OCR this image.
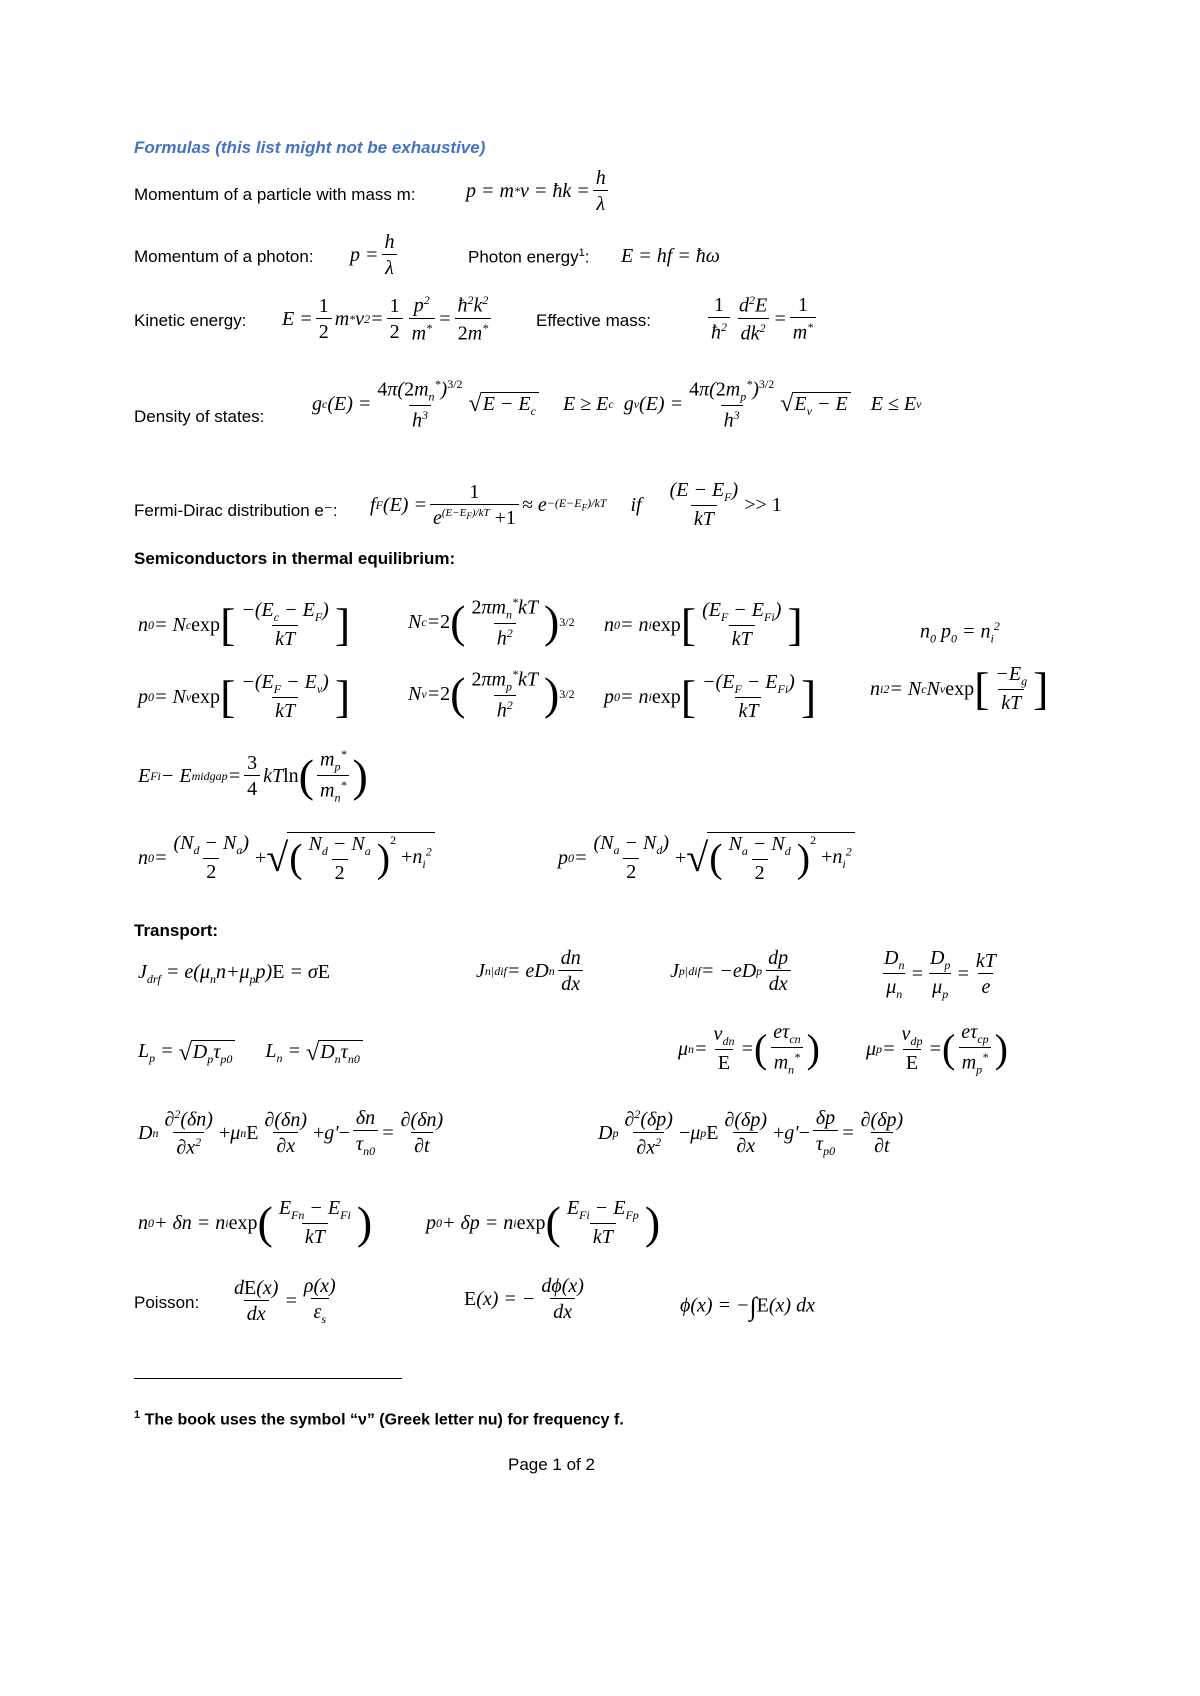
Formulas (this list might not be exhaustive)
Momentum of a particle with mass m:	p = m * v = ħk = $\frac{h}{\lambda}$
Momentum of a photon: $p = \frac{h}{\lambda}$	Photon energy$^1$: E = hf = ħω
Kinetic energy: $E = \frac{1}{2}$ m * v $2 = \frac{1}{2} \frac{p^2}{m^*} = \frac{ħ^2k^2}{2m^*}$	Effective mass:	$\frac{1}{ħ^2} \frac{d^2E}{dk^2} = \frac{1}{m^*}$
Density of states:
g c $(E) = \frac{4\pi(2m_n^*)^{3/2}}{h^3}$ √ $E - E_c$ E ≥ E c g v $(E) = \frac{4\pi(2m_p^*)^{3/2}}{h^3}$ √ $E_v - E$ E ≤ E v
Fermi-Dirac distribution e⁻: f F $(E) = \frac{1}{e^{(E-E_F)/kT} +1} \approx e -(E-E_F)/kT$ if $\frac{(E - E_F)}{kT} >> 1$
Semiconductors in thermal equilibrium:
n 0 = N c exp [ $\frac{-(E_c - E_F)}{kT}$ ]	N c = 2 ( $\frac{2\pi m_n^*kT}{h^2}$ ) 3/2 n 0 = n i exp [ $\frac{(E_F - E_{Fi})}{kT}$ ]	$n_0$ $p_0 = n_i^2$
p 0 = N v exp [ $\frac{-(E_F - E_v)}{kT}$ ]	N v = 2 ( $\frac{2\pi m_p^*kT}{h^2}$ ) 3/2 p 0 = n i exp [ $\frac{-(E_F - E_{Fi})}{kT}$ ]	n i 2 = N c N v exp [ $\frac{-E_g}{kT}$ ]
E Fi − E midgap = $\frac{3}{4}$ kT ln ( $\frac{m_p^*}{m_n^*}$ )
n $0 = \frac{(N_d - N_a)}{2}$ + √ ( $\frac{N_d - N_a}{2} )^2 +n_i^2$	p $0 = \frac{(N_a - N_d)}{2}$ + √ ( $\frac{N_a - N_d}{2} )^2 +n_i^2$
Transport:
$J_{drf} = e(\mu_nn+\mu_pp)E = \sigma E$	J n|dif = eD n $\frac{dn}{dx}$	J p|dif = −eD p $\frac{dp}{dx}$	$\frac{D_n}{\mu_n} = \frac{D_p}{\mu_p} = \frac{kT}{e}$
$L_p = √D_p\tau_{p0}$  $L_n = √D_n\tau_{n0}$	μ $n = \frac{v_{dn}}{E}$ = ( $\frac{e\tau_{cn}}{m_n^*}$ ) μ $p = \frac{v_{dp}}{E}$ = ( $\frac{e\tau_{cp}}{m_p^*}$ )
D n $\frac{\partial^2(\delta n)}{\partial x^2} + \mu$ n E $\frac{\partial(\delta n)}{\partial x} + g' - \frac{\delta n}{\tau_{n0}} = \frac{\partial(\delta n)}{\partial t}$	D p $\frac{\partial^2(\delta p)}{\partial x^2} - \mu$ p E $\frac{\partial(\delta p)}{\partial x} + g' - \frac{\delta p}{\tau_{p0}} = \frac{\partial(\delta p)}{\partial t}$
n 0 + δn = n i exp ( $\frac{E_{Fn} - E_{Fi}}{kT}$ )	p 0 + δp = n i exp ( $\frac{E_{Fi} - E_{Fp}}{kT}$ )
Poisson: $\frac{dE(x)}{dx} = \frac{\rho(x)}{\varepsilon_s}$	E (x) = − $\frac{d\phi(x)}{dx}$	ϕ(x) = −∫E(x) dx
$^1$ The book uses the symbol “ν” (Greek letter nu) for frequency f.
Page 1 of 2
